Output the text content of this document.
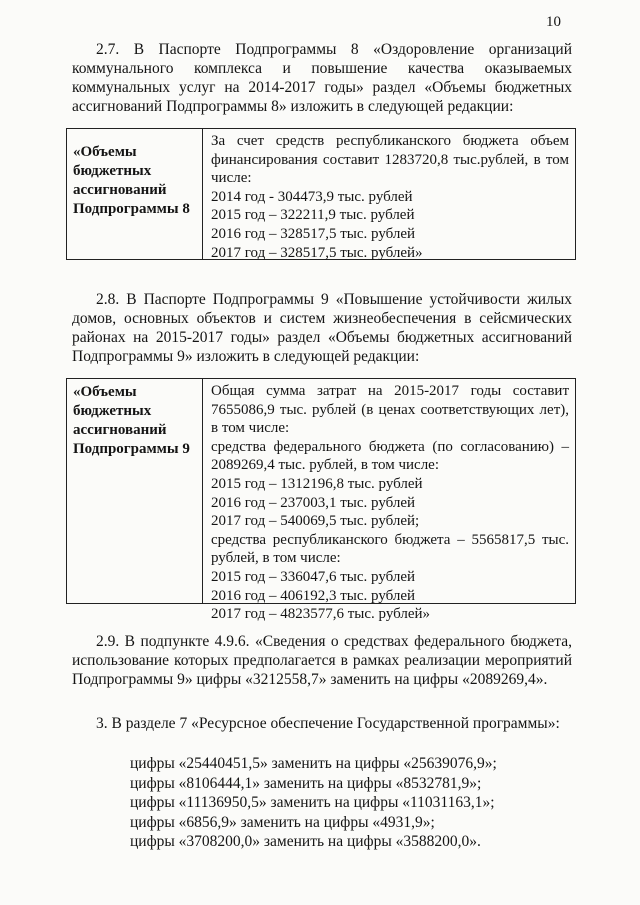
10

2.7. В Паспорте Подпрограммы 8 «Оздоровление организаций коммунального комплекса и повышение качества оказываемых коммунальных услуг на 2014-2017 годы» раздел «Объемы бюджетных ассигнований Подпрограммы 8» изложить в следующей редакции:

«Объемы бюджетных ассигнований Подпрограммы 8
За счет средств республиканского бюджета объем финансирования составит 1283720,8 тыс.рублей, в том числе:
2014 год - 304473,9 тыс. рублей
2015 год – 322211,9 тыс. рублей
2016 год – 328517,5 тыс. рублей
2017 год – 328517,5 тыс. рублей»

2.8. В Паспорте Подпрограммы 9 «Повышение устойчивости жилых домов, основных объектов и систем жизнеобеспечения в сейсмических районах на 2015-2017 годы» раздел «Объемы бюджетных ассигнований Подпрограммы 9» изложить в следующей редакции:

«Объемы бюджетных ассигнований Подпрограммы 9
Общая сумма затрат на 2015-2017 годы составит 7655086,9 тыс. рублей (в ценах соответствующих лет), в том числе:
средства федерального бюджета (по согласованию) – 2089269,4 тыс. рублей, в том числе:
2015 год – 1312196,8 тыс. рублей
2016 год – 237003,1 тыс. рублей
2017 год – 540069,5 тыс. рублей;
средства республиканского бюджета – 5565817,5 тыс. рублей, в том числе:
2015 год – 336047,6 тыс. рублей
2016 год – 406192,3 тыс. рублей
2017 год – 4823577,6 тыс. рублей»

2.9. В подпункте 4.9.6. «Сведения о средствах федерального бюджета, использование которых предполагается в рамках реализации мероприятий Подпрограммы 9» цифры «3212558,7» заменить на цифры «2089269,4».

3. В разделе 7 «Ресурсное обеспечение Государственной программы»:

цифры «25440451,5» заменить на цифры «25639076,9»;
цифры «8106444,1» заменить на цифры «8532781,9»;
цифры «11136950,5» заменить на цифры «11031163,1»;
цифры «6856,9» заменить на цифры «4931,9»;
цифры «3708200,0» заменить на цифры «3588200,0».
